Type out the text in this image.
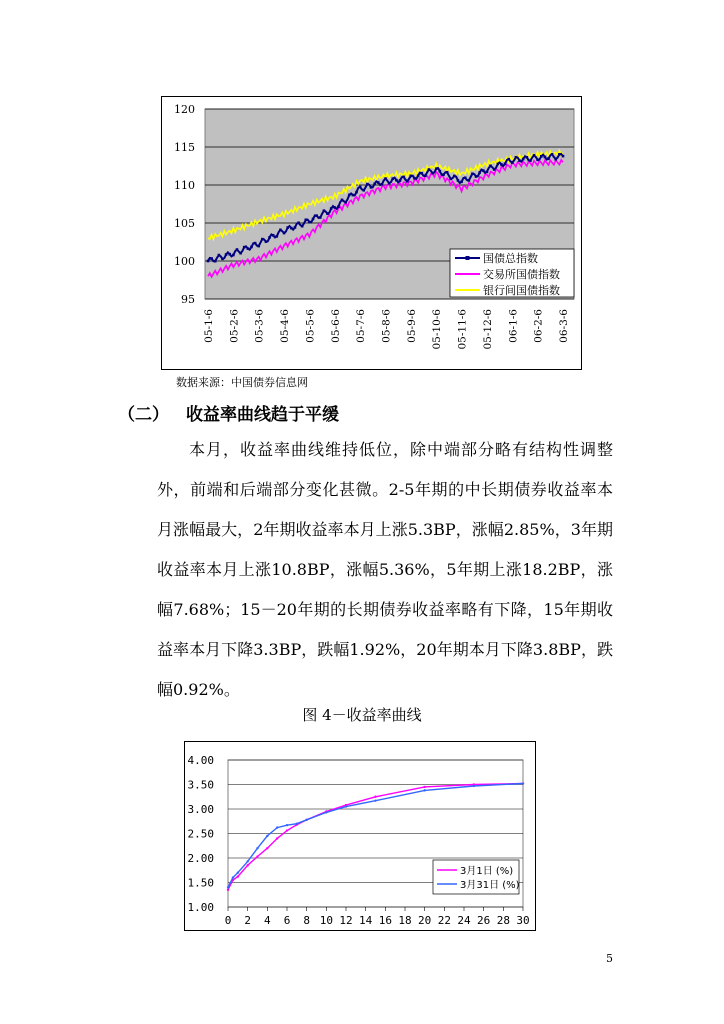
95
100
105
110
115
120
05-1-6 05-2-6 05-3-6 05-4-6 05-5-6 05-6-6 05-7-6 05-8-6 05-9-6 05-10-6 05-11-6 05-12-6 06-1-6 06-2-6 06-3-6
国债总指数
交易所国债指数
银行间国债指数
数据来源：中国债券信息网
（二） 收益率曲线趋于平缓

本月，收益率曲线维持低位，除中端部分略有结构性调整外，前端和后端部分变化甚微。2-5年期的中长期债券收益率本月涨幅最大，2年期收益率本月上涨5.3BP，涨幅2.85%，3年期收益率本月上涨10.8BP，涨幅5.36%，5年期上涨18.2BP，涨幅7.68%；15－20年期的长期债券收益率略有下降，15年期收益率本月下降3.3BP，跌幅1.92%，20年期本月下降3.8BP，跌幅0.92%。

图 4－收益率曲线
1.00
1.50
2.00
2.50
3.00
3.50
4.00
0 2 4 6 8 10 12 14 16 18 20 22 24 26 28 30
3月1日 (%)
3月31日 (%)
5
